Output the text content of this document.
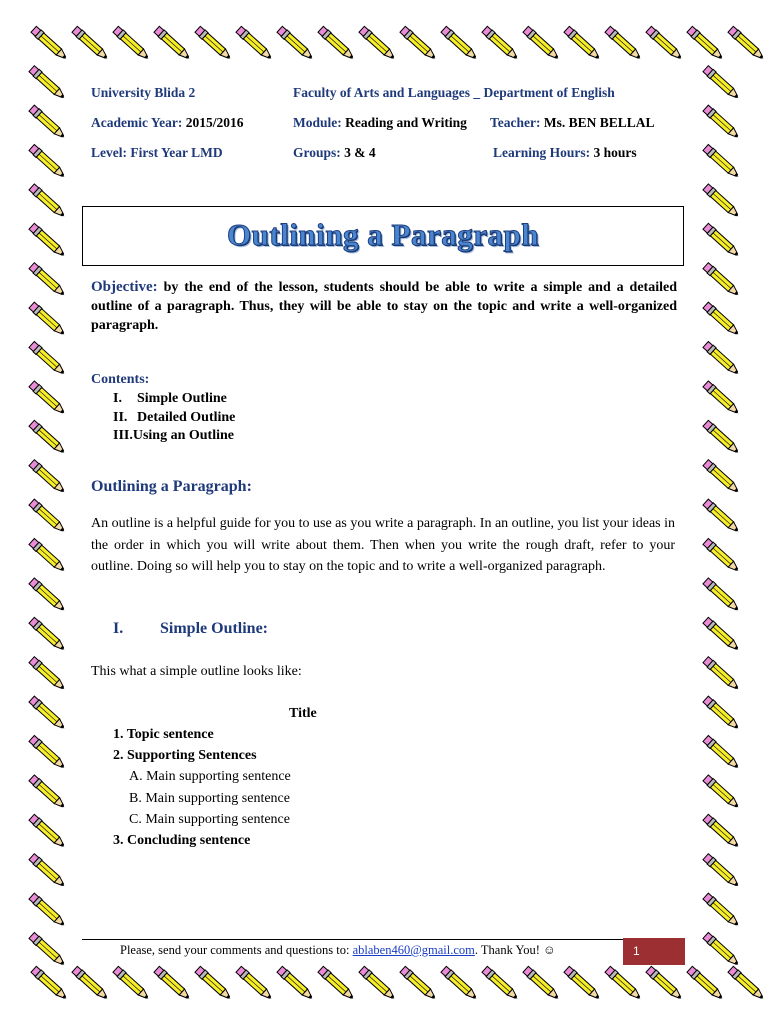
University Blida 2	Faculty of Arts and Languages _ Department of English
Academic Year: 2015/2016	Module: Reading and Writing Teacher: Ms. BEN BELLAL
Level: First Year LMD	Groups: 3 & 4	Learning Hours: 3 hours
Outlining a Paragraph
Objective: by the end of the lesson, students should be able to write a simple and a detailed outline of a paragraph. Thus, they will be able to stay on the topic and write a well-organized paragraph.
Contents:
I. Simple Outline
II. Detailed Outline
III.Using an Outline
Outlining a Paragraph:
An outline is a helpful guide for you to use as you write a paragraph. In an outline, you list your ideas in the order in which you will write about them. Then when you write the rough draft, refer to your outline. Doing so will help you to stay on the topic and to write a well-organized paragraph.
I. Simple Outline:
This what a simple outline looks like:
Title
1. Topic sentence
2. Supporting Sentences
A. Main supporting sentence
B. Main supporting sentence
C. Main supporting sentence
3. Concluding sentence
Please, send your comments and questions to: ablaben460@gmail.com. Thank You! ☺	1
